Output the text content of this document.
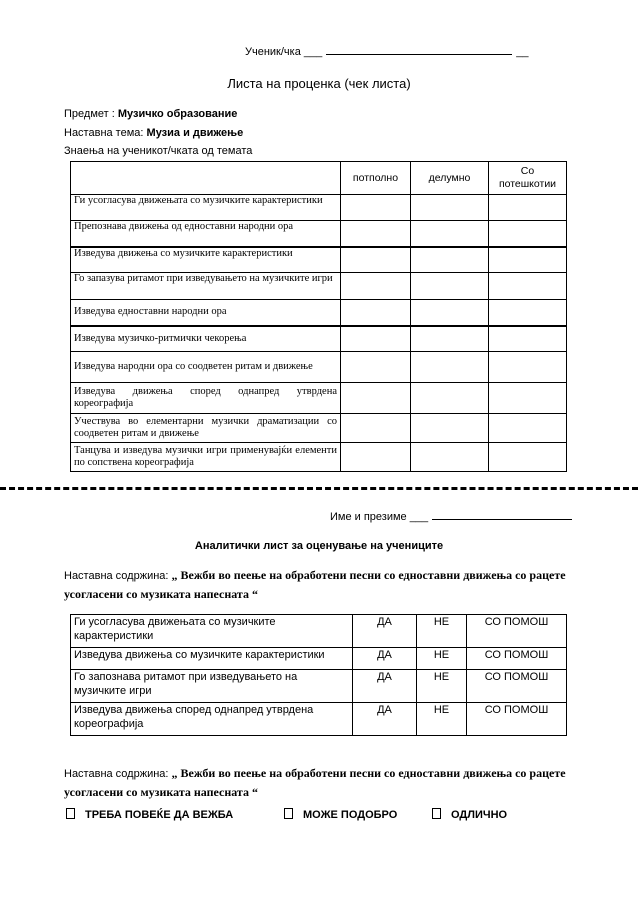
Ученик/чка ___	__
Листа на проценка (чек листа)
Предмет : Музичко образование
Наставна тема: Музиа и движење
Знаења на ученикот/чката од темата
	потполно	делумно	Со потешкотии
Ги усогласува движењата со музичките карактеристики			
Препознава движења од едноставни народни ора			
Изведува движења со музичките карактеристики			
Го запазува ритамот при изведувањето на музичките игри			
Изведува едноставни народни ора			
Изведува музичко-ритмички чекорења			
Изведува народни ора со соодветен ритам и движење			
Изведува движења според однапред утврдена кореографија			
Учествува во елементарни музички драматизации со соодветен ритам и движење			
Танцува и изведува музички игри применувајќи елементи по сопствена кореографија			
Име и презиме ___
Аналитички лист за оценување на учениците
Наставна содржина: „ Вежби во пеење на обработени песни со едноставни движења со рацете усогласени со музиката напесната “
Ги усогласува движењата со музичките карактеристики	ДА	НЕ	СО ПОМОШ
Изведува движења со музичките карактеристики	ДА	НЕ	СО ПОМОШ
Го запознава ритамот при изведувањето на музичките игри	ДА	НЕ	СО ПОМОШ
Изведува движења според однапред утврдена кореографија	ДА	НЕ	СО ПОМОШ
Наставна содржина: „ Вежби во пеење на обработени песни со едноставни движења со рацете усогласени со музиката напесната “
ТРЕБА ПОВЕЌЕ ДА ВЕЖБА	МОЖЕ ПОДОБРО	ОДЛИЧНО
